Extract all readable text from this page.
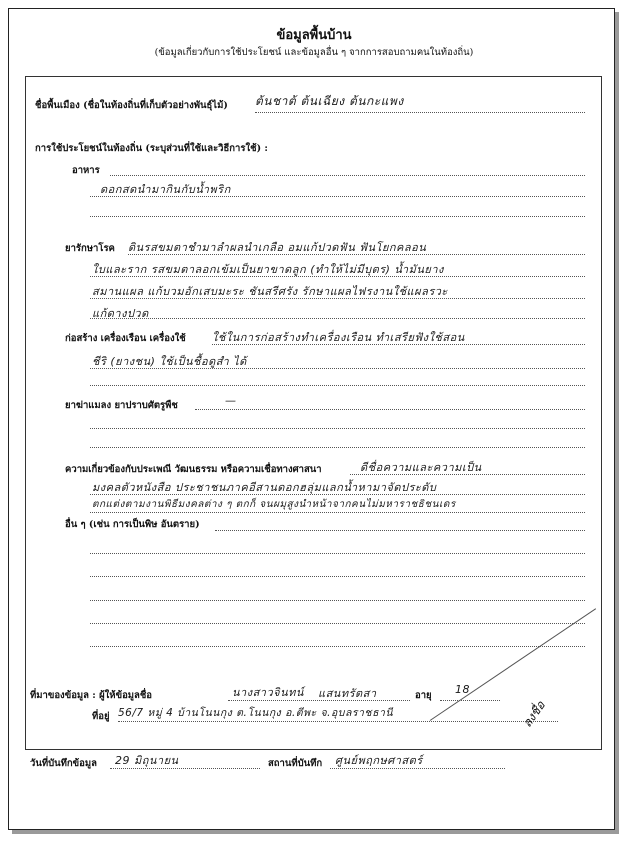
ข้อมูลพื้นบ้าน
(ข้อมูลเกี่ยวกับการใช้ประโยชน์ และข้อมูลอื่น ๆ จากการสอบถามคนในท้องถิ่น)
ชื่อพื้นเมือง (ชื่อในท้องถิ่นที่เก็บตัวอย่างพันธุ์ไม้) ต้นชาต้ ต้นเฉียง ต้นกะแพง
การใช้ประโยชน์ในท้องถิ่น (ระบุส่วนที่ใช้และวิธีการใช้) :
อาหาร
ดอกสดนำมากินกับน้ำพริก
ยารักษาโรค ดินรสขมตาชำมาลำผลนำเกลือ อมแก้ปวดฟัน ฟันโยกคลอน
ใบและราก รสขมตาลอกเข้มเป็นยาขาดลูก (ทำให้ไม่มีบุตร) น้ำมันยาง
สมานแผล แก้บวมอักเสบมะระ ชันสรีศรัง รักษาแผลไฟรงานใช้แผลรวะ
แก้ดางปวด
ก่อสร้าง เครื่องเรือน เครื่องใช้ ใช้ในการก่อสร้างทำเครื่องเรือน ทำเสรียฟังใช้สอน
ชีริ (ยางชน) ใช้เป็นชื้อดูสำ ได้
ยาฆ่าแมลง ยาปราบศัตรูพืช	—
ความเกี่ยวข้องกับประเพณี วัฒนธรรม หรือความเชื่อทางศาสนา	ดีชื่อความและความเป็น
มงคลตัวหนังสือ ประชาชนภาคอีสานดอกฮลุ่มแลกน้ำหามาจัดประดับ
ตกแต่งตามงานพิธีมงคลต่าง ๆ ตกก็ จนผมุสูงนำหน้าจากคนไม่มหาราชธิชนเดร
อื่น ๆ (เช่น การเป็นพิษ อันตราย)
ที่มาของข้อมูล : ผู้ให้ข้อมูลชื่อ	นางสาวจินทน์ แสนทรัตสา	อายุ 18
ที่อยู่ 56/7 หมู่ 4 บ้านโนนกุง ต.โนนกุง อ.ตีพะ จ.อุบลราชธานี
วันที่บันทึกข้อมูล 29 มิถุนายน	สถานที่บันทึก ศูนย์พฤกษศาสตร์
ลงชื่อ
